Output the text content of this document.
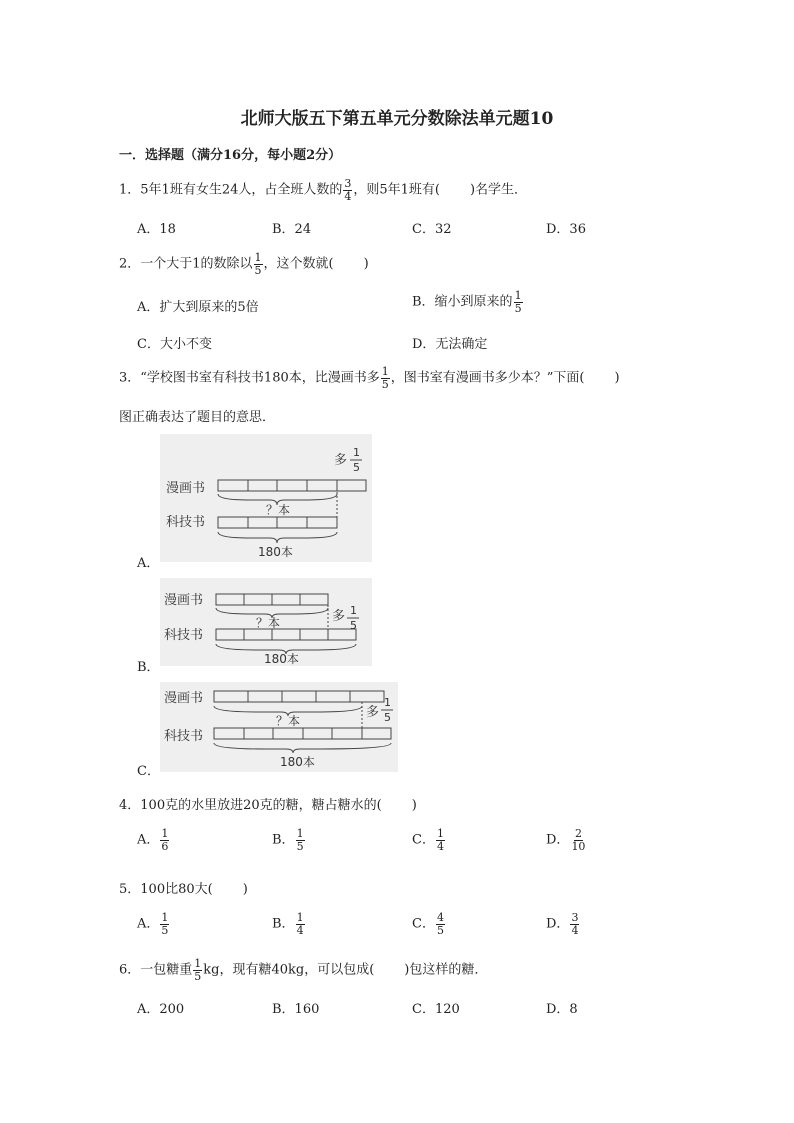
北师大版五下第五单元分数除法单元题10
一．选择题（满分16分，每小题2分）
1．5年1班有女生24人，占全班人数的 $\frac{3}{4}$ ，则5年1班有( )名学生．
A．18	B．24	C．32	D．36
2．一个大于1的数除以 $\frac{1}{5}$ ，这个数就( )
A．扩大到原来的5倍	B．缩小到原来的 $\frac{1}{5}$
C．大小不变	D．无法确定
3．“学校图书室有科技书180本，比漫画书多 $\frac{1}{5}$ ，图书室有漫画书多少本？”下面( )
图正确表达了题目的意思．
漫画书
科技书
？本
180本
多
1
5
A．
漫画书
科技书
？本
180本
多 1
5
B．
漫画书
科技书
？本
180本
多
1
5
C．
4．100克的水里放进20克的糖，糖占糖水的( )
A． $\frac{1}{6}$	B． $\frac{1}{5}$	C． $\frac{1}{4}$	D． $\frac{2}{10}$
5．100比80大( )
A． $\frac{1}{5}$	B． $\frac{1}{4}$	C． $\frac{4}{5}$	D． $\frac{3}{4}$
6．一包糖重 $\frac{1}{5}$ kg，现有糖40kg，可以包成( )包这样的糖．
A．200	B．160	C．120	D．8
